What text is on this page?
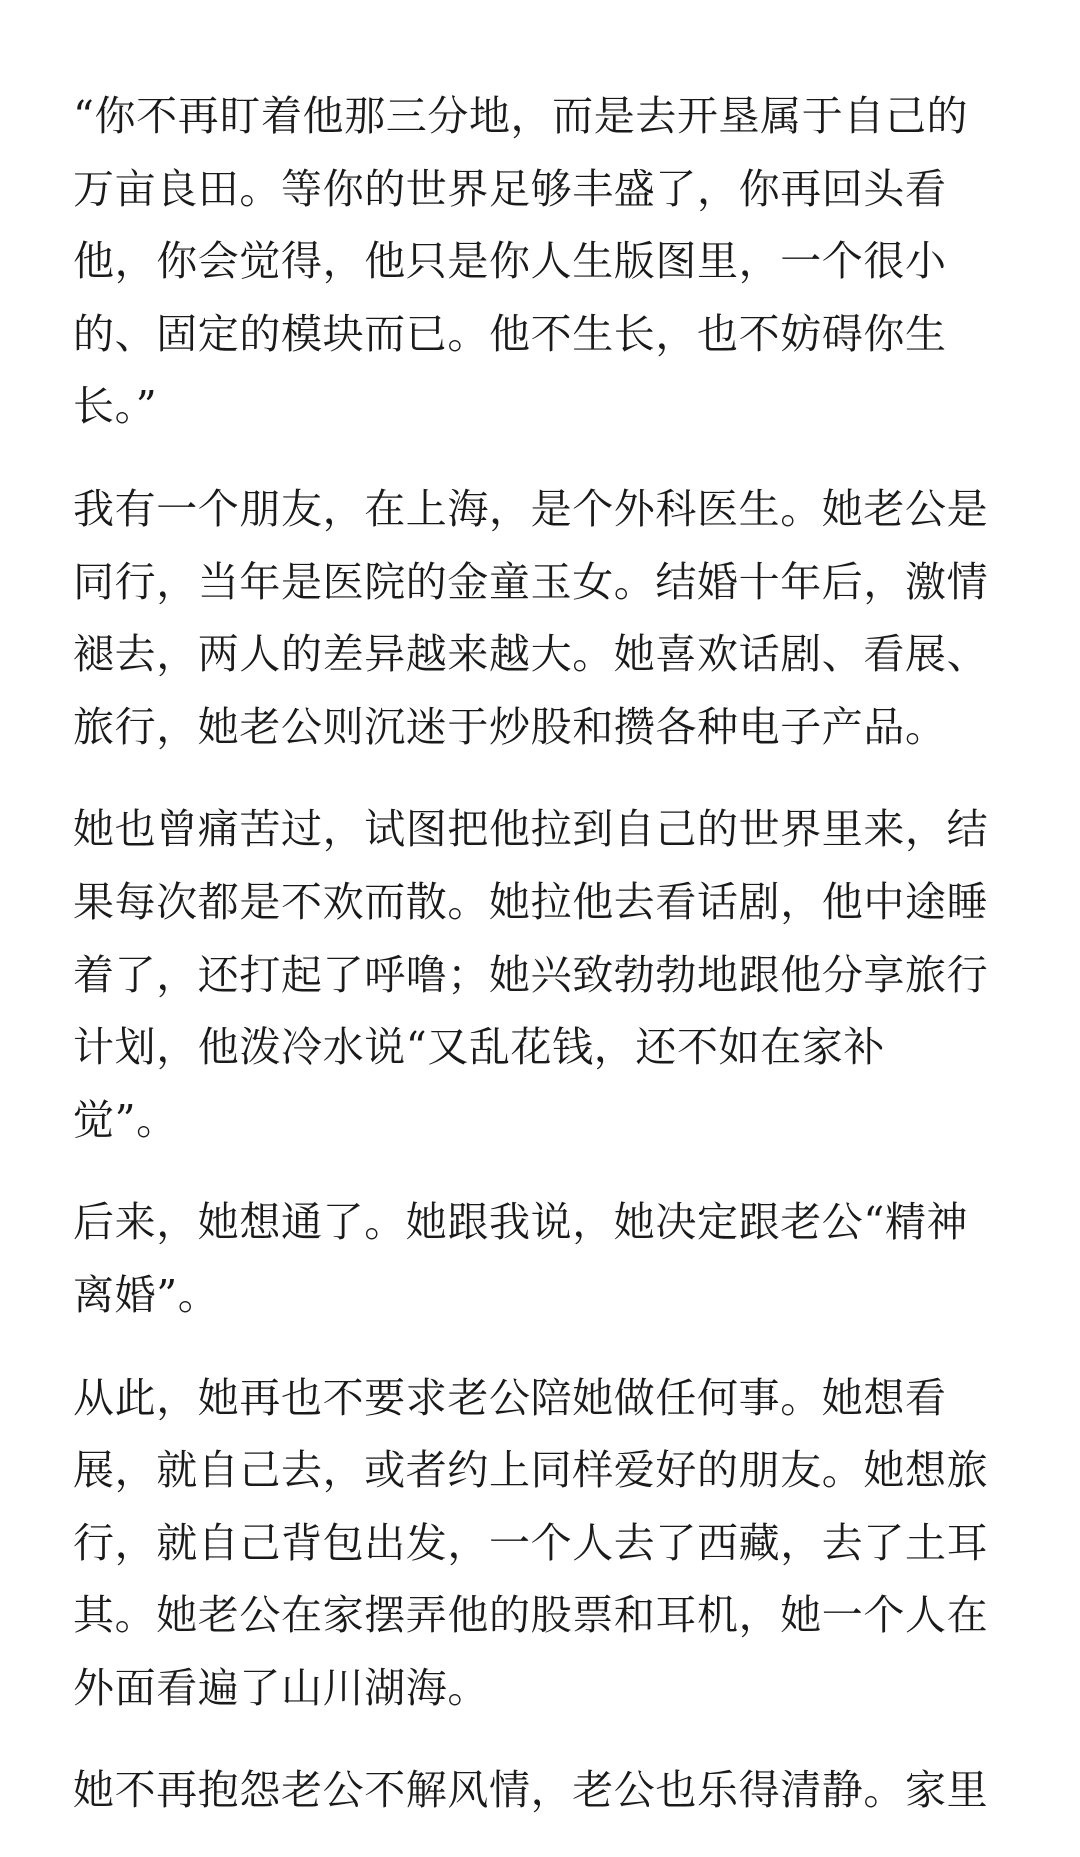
“你不再盯着他那三分地，而是去开垦属于自己的
万亩良田。等你的世界足够丰盛了，你再回头看
他，你会觉得，他只是你人生版图里，一个很小
的、固定的模块而已。他不生长，也不妨碍你生
长。”

我有一个朋友，在上海，是个外科医生。她老公是
同行，当年是医院的金童玉女。结婚十年后，激情
褪去，两人的差异越来越大。她喜欢话剧、看展、
旅行，她老公则沉迷于炒股和攒各种电子产品。

她也曾痛苦过，试图把他拉到自己的世界里来，结
果每次都是不欢而散。她拉他去看话剧，他中途睡
着了，还打起了呼噜；她兴致勃勃地跟他分享旅行
计划，他泼冷水说“又乱花钱，还不如在家补
觉”。

后来，她想通了。她跟我说，她决定跟老公“精神
离婚”。

从此，她再也不要求老公陪她做任何事。她想看
展，就自己去，或者约上同样爱好的朋友。她想旅
行，就自己背包出发，一个人去了西藏，去了土耳
其。她老公在家摆弄他的股票和耳机，她一个人在
外面看遍了山川湖海。

她不再抱怨老公不解风情，老公也乐得清静。家里
